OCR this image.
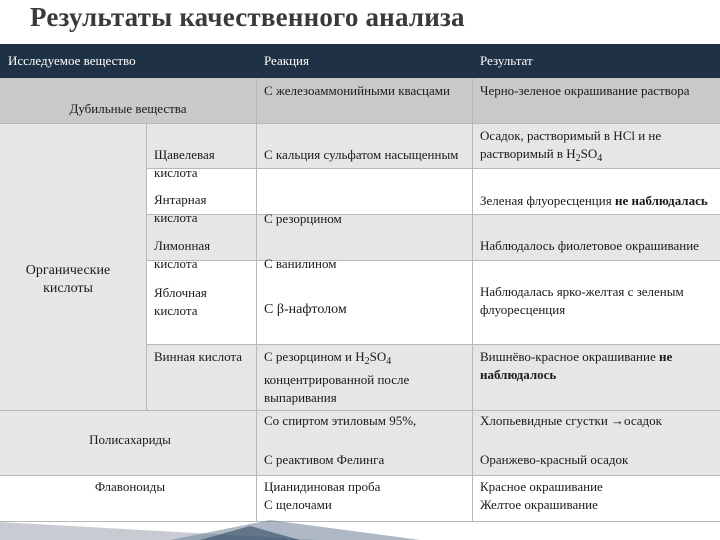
Результаты качественного анализа
Исследуемое вещество	Реакция	Результат
Дубильные вещества
Органические кислоты
Полисахариды
Флавоноиды
Щавелевая кислота
Янтарная кислота
Лимонная кислота
Яблочная кислота
Винная кислота
С железоаммонийными квасцами
С кальция сульфатом насыщенным
С резорцином
С ванилином
С β-нафтолом
С резорцином и $H_2SO_4$ концентрированной после выпаривания
Со спиртом этиловым 95%,
С реактивом Фелинга
Цианидиновая проба
С щелочами
Черно-зеленое окрашивание раствора
Осадок, растворимый в HCl и не растворимый в $H_2SO_4$
Зеленая флуоресценция не наблюдалась
Наблюдалось фиолетовое окрашивание
Наблюдалась ярко-желтая с зеленым флуоресценция
Вишнёво-красное окрашивание не наблюдалось
Хлопьевидные сгустки →осадок
Оранжево-красный осадок
Красное окрашивание
Желтое окрашивание
